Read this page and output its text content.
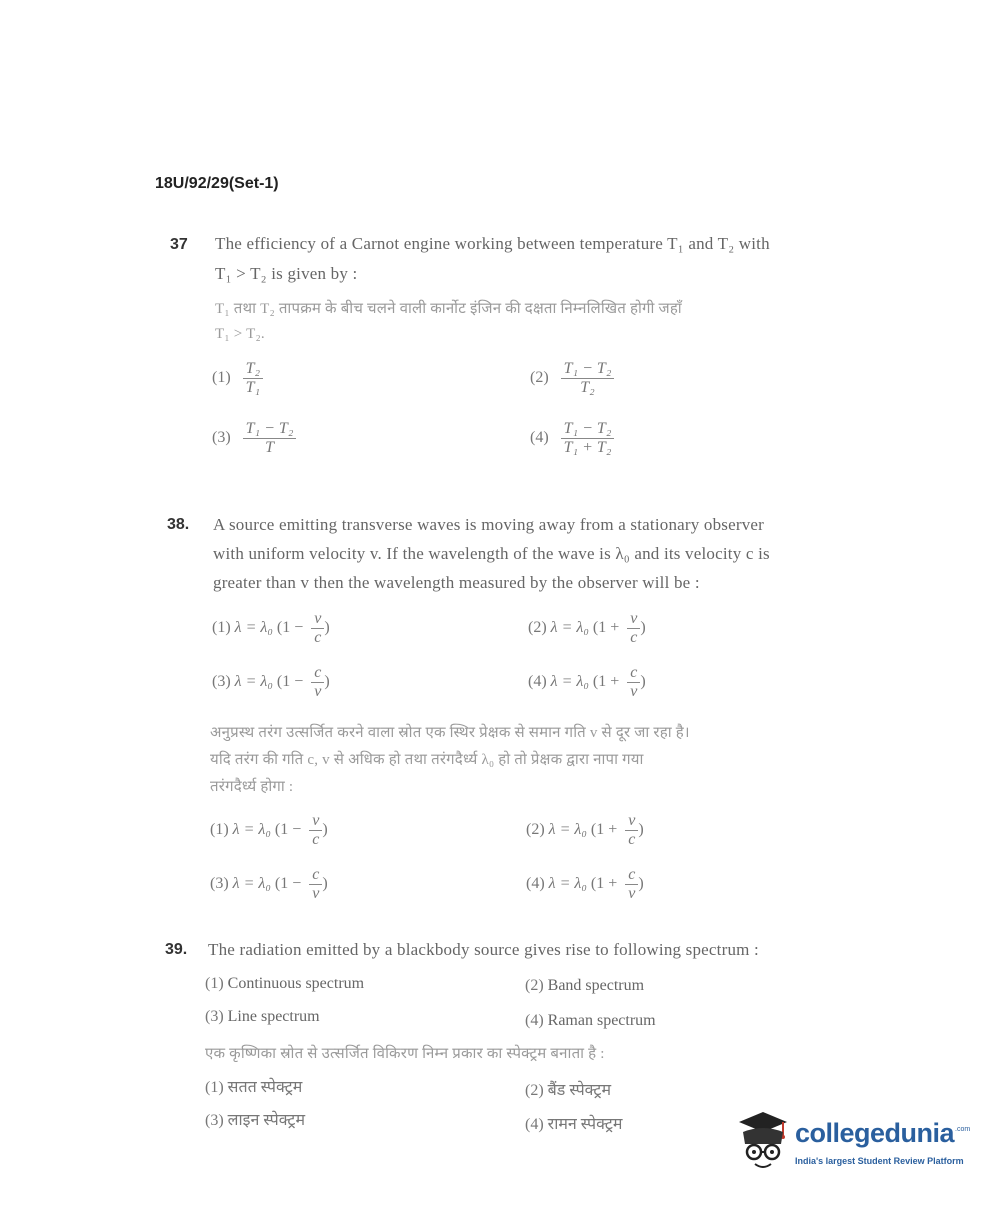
18U/92/29(Set-1)
37 The efficiency of a Carnot engine working between temperature T₁ and T₂ with
T₁ > T₂ is given by :
T₁ तथा T₂ तापक्रम के बीच चलने वाली कार्नोट इंजिन की दक्षता निम्नलिखित होगी जहाँ
T₁ > T₂.
$(1) \frac{\text{T₂}}{\text{T₁}}$	$(2) \frac{\text{T₁ − T₂}}{\text{T₂}}$
$(3) \frac{\text{T₁ − T₂}}{T}$	$(4) \frac{\text{T₁ − T₂}}{\text{T₁ + T₂}}$
38. A source emitting transverse waves is moving away from a stationary observer
with uniform velocity v. If the wavelength of the wave is λ₀ and its velocity c is
greater than v then the wavelength measured by the observer will be :
(1) λ = λ₀ ($1 - \frac{v}{c}$ )	(2) λ = λ₀ ($1 + \frac{v}{c}$ )
(3) λ = λ₀ ($1 - \frac{c}{v}$ )	(4) λ = λ₀ ($1 + \frac{c}{v}$ )
अनुप्रस्थ तरंग उत्सर्जित करने वाला स्रोत एक स्थिर प्रेक्षक से समान गति v से दूर जा रहा है।
यदि तरंग की गति c, v से अधिक हो तथा तरंगदैर्ध्य λ₀ हो तो प्रेक्षक द्वारा नापा गया
तरंगदैर्ध्य होगा :
(1) λ = λ₀ ($1 - \frac{v}{c}$ )	(2) λ = λ₀ ($1 + \frac{v}{c}$ )
(3) λ = λ₀ ($1 - \frac{c}{v}$ )	(4) λ = λ₀ ($1 + \frac{c}{v}$ )
39. The radiation emitted by a blackbody source gives rise to following spectrum :
(1) Continuous spectrum	(2) Band spectrum
(3) Line spectrum	(4) Raman spectrum
एक कृष्णिका स्रोत से उत्सर्जित विकिरण निम्न प्रकार का स्पेक्ट्रम बनाता है :
(1) सतत स्पेक्ट्रम	(2) बैंड स्पेक्ट्रम
(3) लाइन स्पेक्ट्रम	(4) रामन स्पेक्ट्रम	collegedunia .com
India's largest Student Review Platform
